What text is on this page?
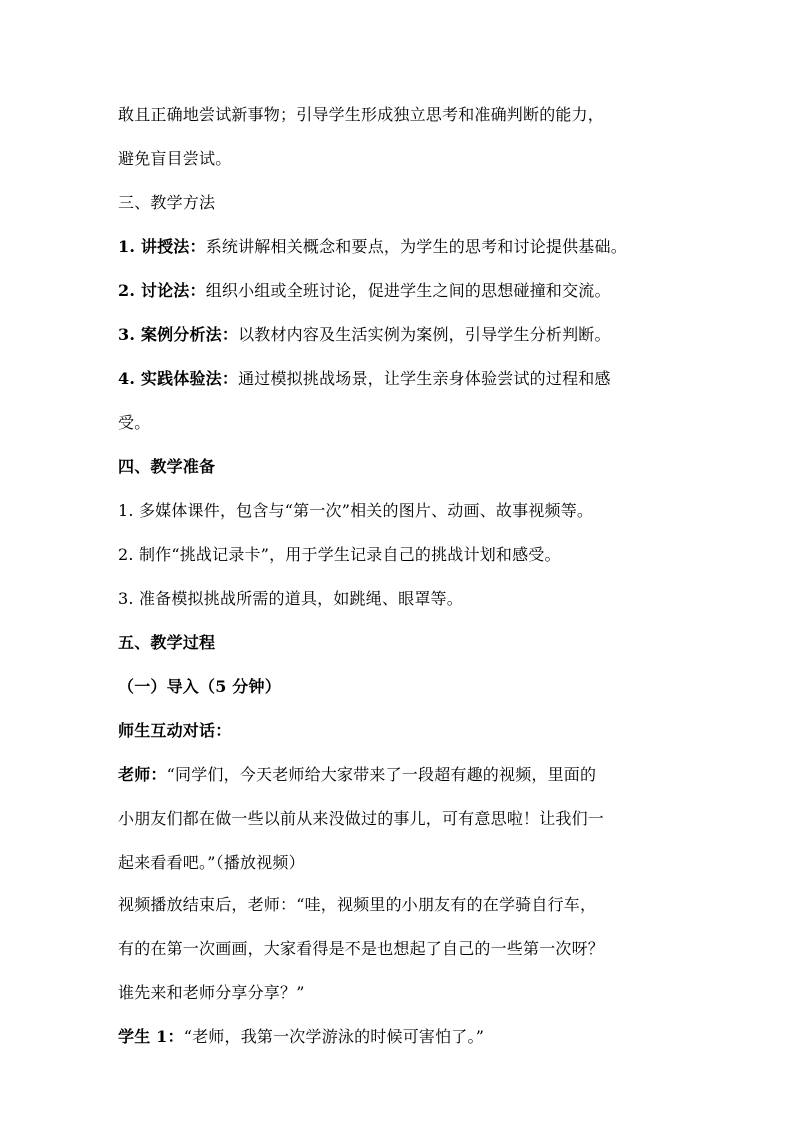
敢且正确地尝试新事物；引导学生形成独立思考和准确判断的能力，
避免盲目尝试。
三、教学方法
1. 讲授法：系统讲解相关概念和要点，为学生的思考和讨论提供基础。
2. 讨论法：组织小组或全班讨论，促进学生之间的思想碰撞和交流。
3. 案例分析法：以教材内容及生活实例为案例，引导学生分析判断。
4. 实践体验法：通过模拟挑战场景，让学生亲身体验尝试的过程和感
受。
四、教学准备
1. 多媒体课件，包含与“第一次”相关的图片、动画、故事视频等。
2. 制作“挑战记录卡”，用于学生记录自己的挑战计划和感受。
3. 准备模拟挑战所需的道具，如跳绳、眼罩等。
五、教学过程
（一）导入（5 分钟）
师生互动对话：
老师：“同学们，今天老师给大家带来了一段超有趣的视频，里面的
小朋友们都在做一些以前从来没做过的事儿，可有意思啦！让我们一
起来看看吧。”（播放视频）
视频播放结束后，老师：“哇，视频里的小朋友有的在学骑自行车，
有的在第一次画画，大家看得是不是也想起了自己的一些第一次呀？
谁先来和老师分享分享？”
学生 1：“老师，我第一次学游泳的时候可害怕了。”
